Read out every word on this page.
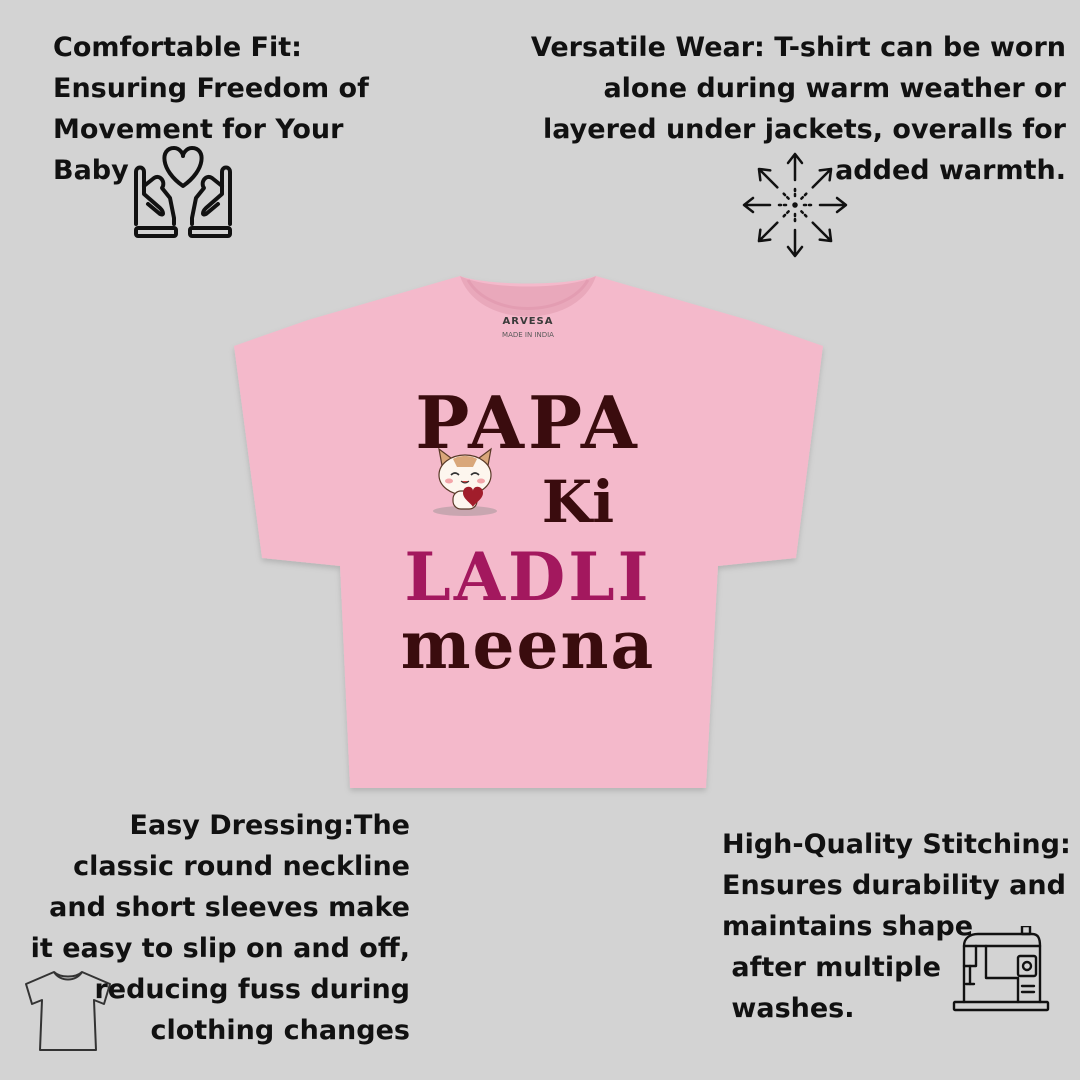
Comfortable Fit:
Ensuring Freedom of
Movement for Your
Baby
Versatile Wear: T-shirt can be worn
alone during warm weather or
layered under jackets, overalls for
added warmth.
ARVESA
MADE IN INDIA
PAPA
Ki
LADLI
meena
Easy Dressing:The
classic round neckline
and short sleeves make
it easy to slip on and off,
reducing fuss during
clothing changes
High-Quality Stitching:
Ensures durability and
maintains shape
after multiple
washes.
